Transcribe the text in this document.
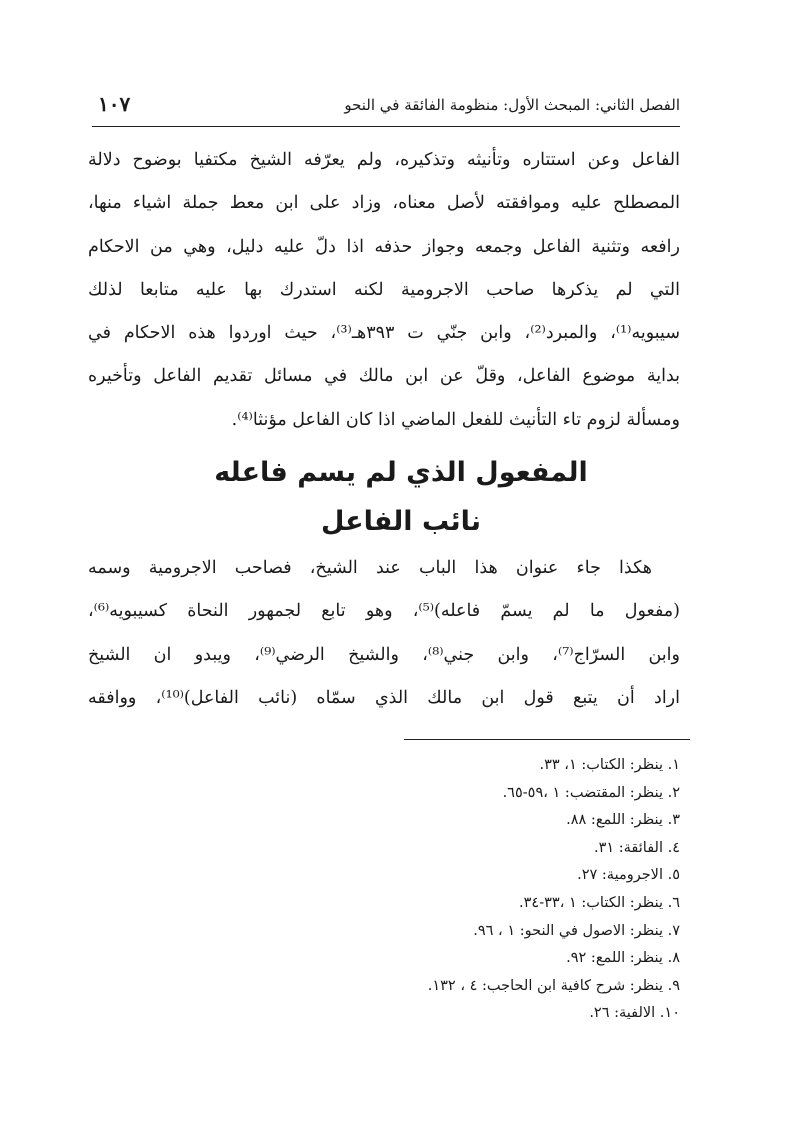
الفصل الثاني: المبحث الأول: منظومة الفائقة في النحو
١٠٧
الفاعل وعن استتاره وتأنيثه وتذكيره، ولم يعرّفه الشيخ مكتفيا بوضوح دلالة
المصطلح عليه وموافقته لأصل معناه، وزاد على ابن معط جملة اشياء منها،
رافعه وتثنية الفاعل وجمعه وجواز حذفه اذا دلّ عليه دليل، وهي من الاحكام
التي لم يذكرها صاحب الاجرومية لكنه استدرك بها عليه متابعا لذلك
سيبويه⁽¹⁾، والمبرد⁽²⁾، وابن جنّي ت ٣٩٣هـ⁽³⁾، حيث اوردوا هذه الاحكام في
بداية موضوع الفاعل، وقلّ عن ابن مالك في مسائل تقديم الفاعل وتأخيره
ومسألة لزوم تاء التأنيث للفعل الماضي اذا كان الفاعل مؤنثا⁽⁴⁾.
المفعول الذي لم يسم فاعله
نائب الفاعل
هكذا جاء عنوان هذا الباب عند الشيخ، فصاحب الاجرومية وسمه
(مفعول ما لم يسمّ فاعله)⁽⁵⁾، وهو تابع لجمهور النحاة كسيبويه⁽⁶⁾،
وابن السرّاج⁽⁷⁾، وابن جني⁽⁸⁾، والشيخ الرضي⁽⁹⁾، ويبدو ان الشيخ
اراد أن يتبع قول ابن مالك الذي سمّاه (نائب الفاعل)⁽¹⁰⁾، ووافقه
١. ينظر: الكتاب: ١، ٣٣.
٢. ينظر: المقتضب: ١ ،٥٩-٦٥.
٣. ينظر: اللمع: ٨٨.
٤. الفائقة: ٣١.
٥. الاجرومية: ٢٧.
٦. ينظر: الكتاب: ١ ،٣٣-٣٤.
٧. ينظر: الاصول في النحو: ١ ، ٩٦.
٨. ينظر: اللمع: ٩٢.
٩. ينظر: شرح كافية ابن الحاجب: ٤ ، ١٣٢.
١٠. الالفية: ٢٦.
